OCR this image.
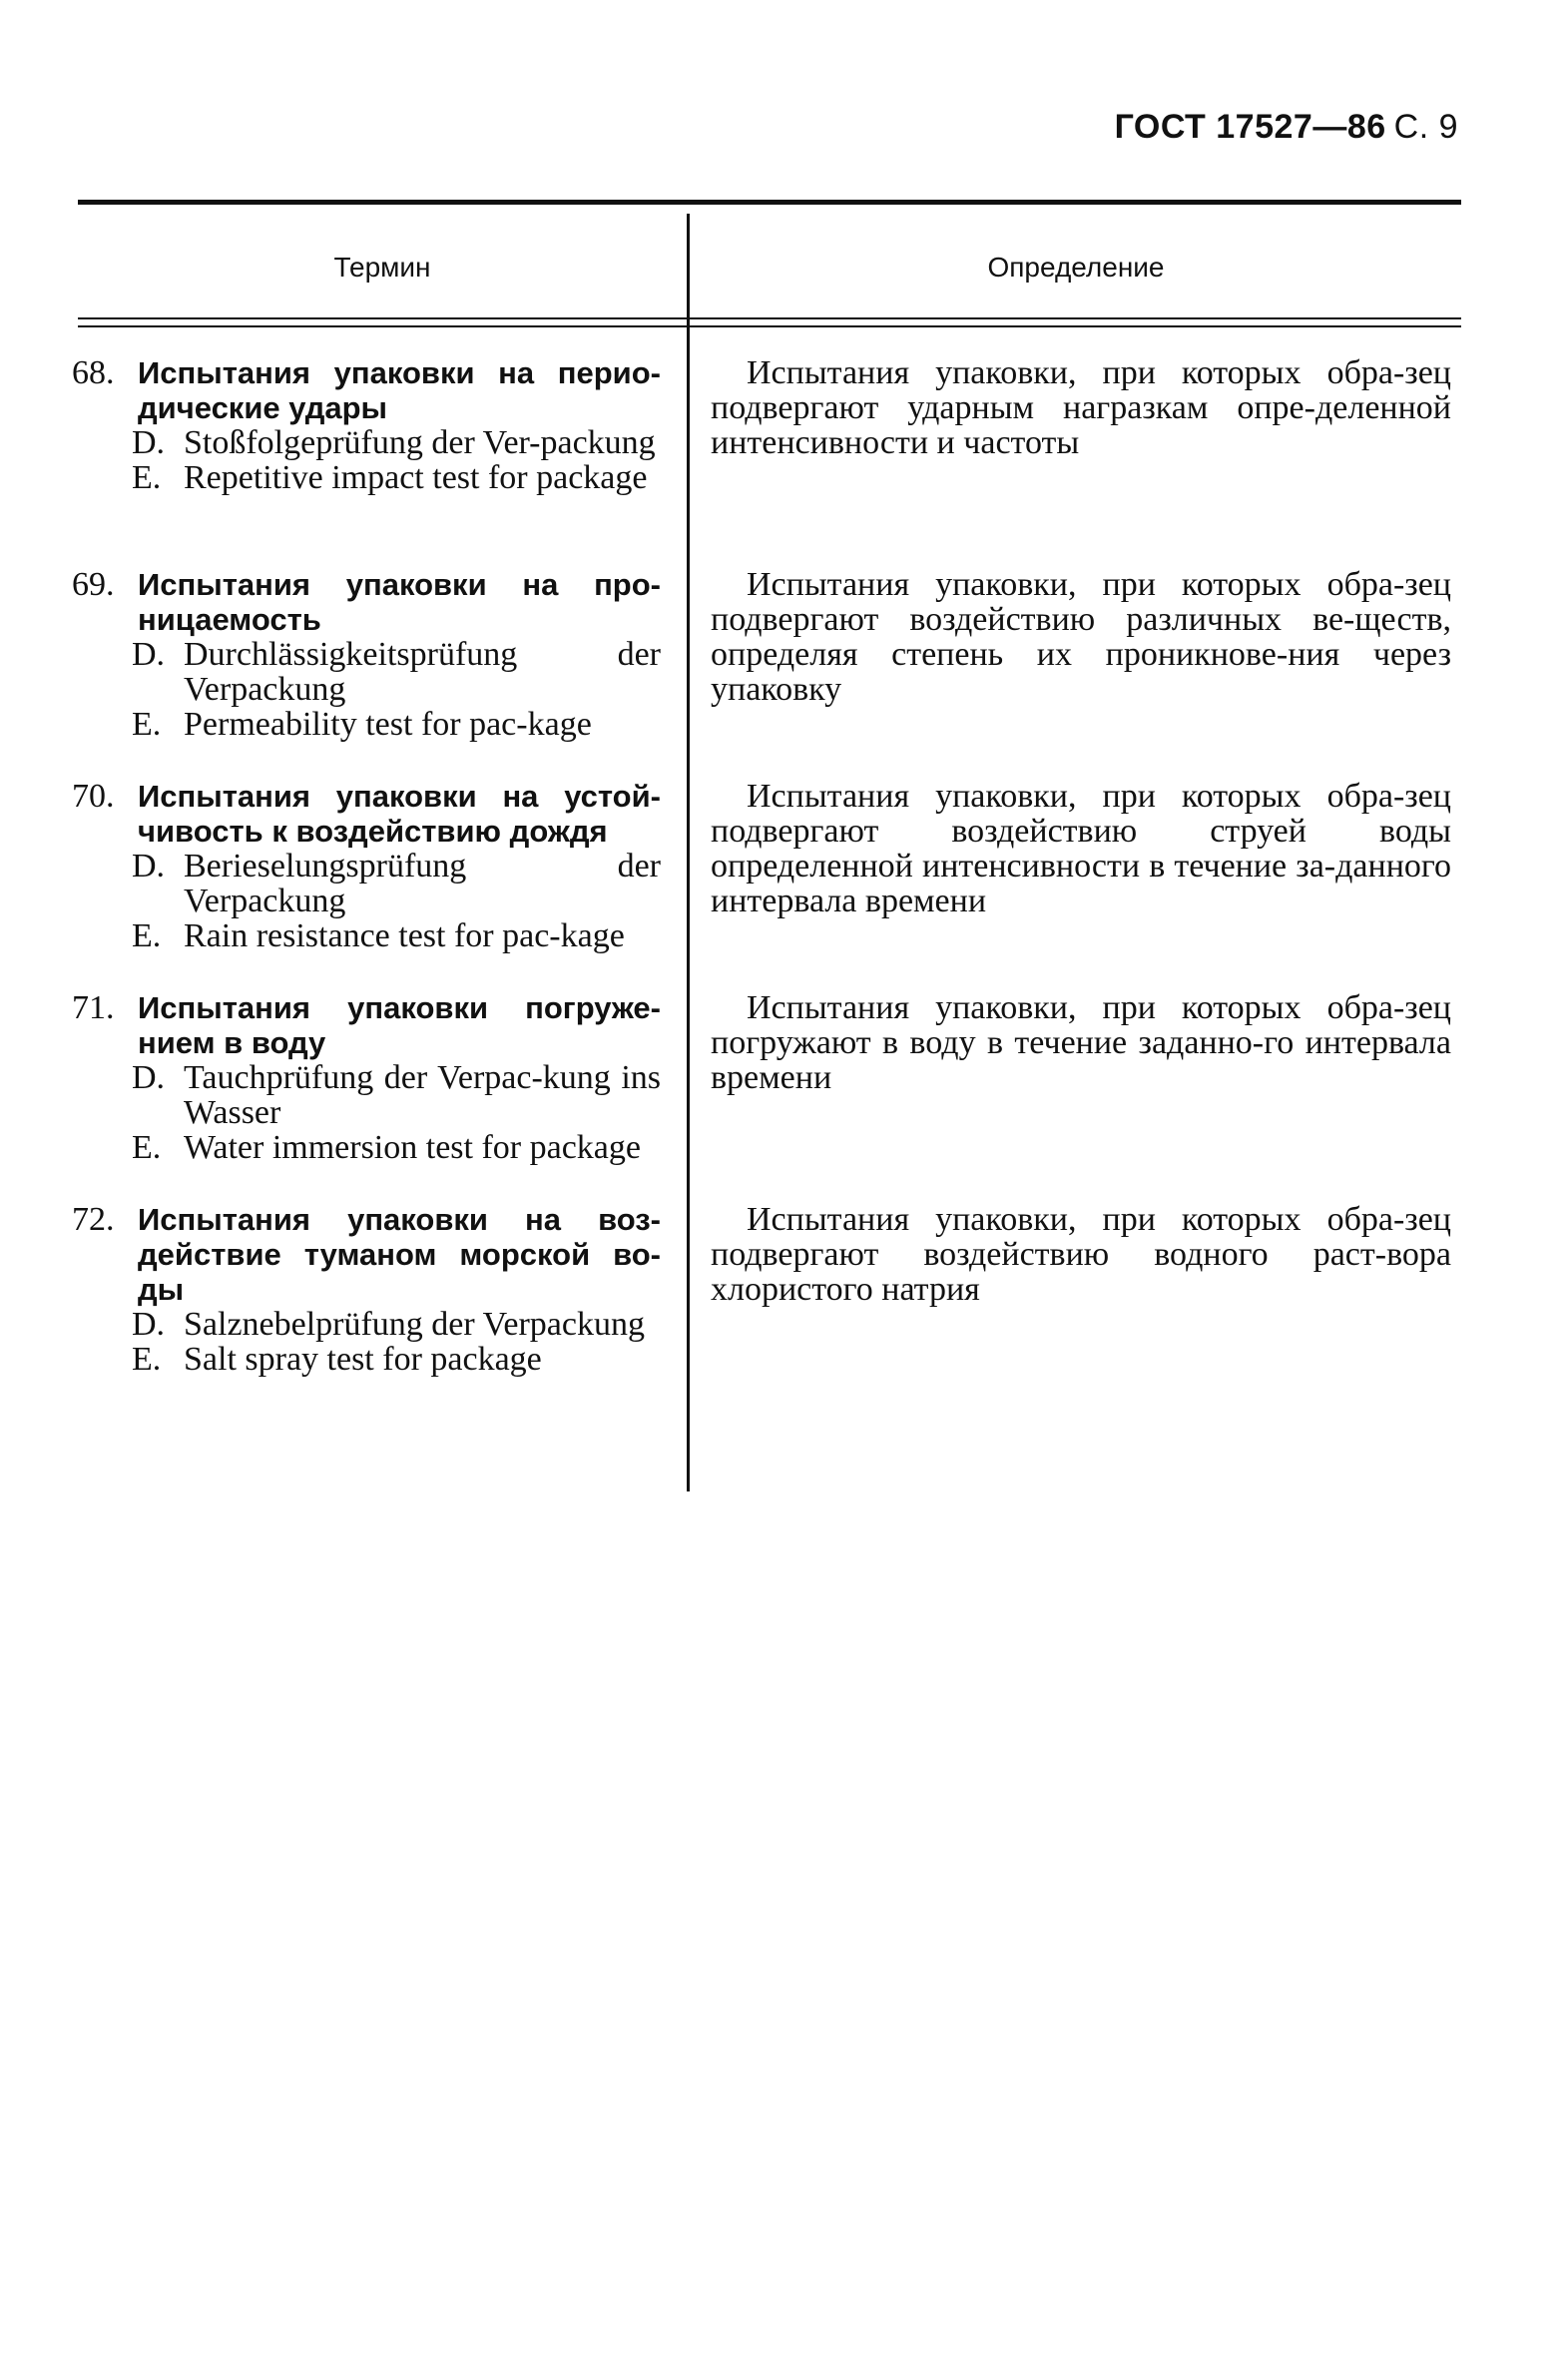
ГОСТ 17527—86 С. 9
Термин	Определение
68. Испытания упаковки на перио-дические удары
D. Stoßfolgeprüfung der Ver-packung
E. Repetitive impact test for package
Испытания упаковки, при которых обра-зец подвергают ударным награзкам опре-деленной интенсивности и частоты
69. Испытания упаковки на про-ницаемость
D. Durchlässigkeitsprüfung der Verpackung
E. Permeability test for pac-kage
Испытания упаковки, при которых обра-зец подвергают воздействию различных ве-ществ, определяя степень их проникнове-ния через упаковку
70. Испытания упаковки на устой-чивость к воздействию дождя
D. Berieselungsprüfung der Verpackung
E. Rain resistance test for pac-kage
Испытания упаковки, при которых обра-зец подвергают воздействию струей воды определенной интенсивности в течение за-данного интервала времени
71. Испытания упаковки погруже-нием в воду
D. Tauchprüfung der Verpac-kung ins Wasser
E. Water immersion test for package
Испытания упаковки, при которых обра-зец погружают в воду в течение заданно-го интервала времени
72. Испытания упаковки на воз-действие туманом морской во-ды
D. Salznebelprüfung der Verpackung
E. Salt spray test for package
Испытания упаковки, при которых обра-зец подвергают воздействию водного раст-вора хлористого натрия
